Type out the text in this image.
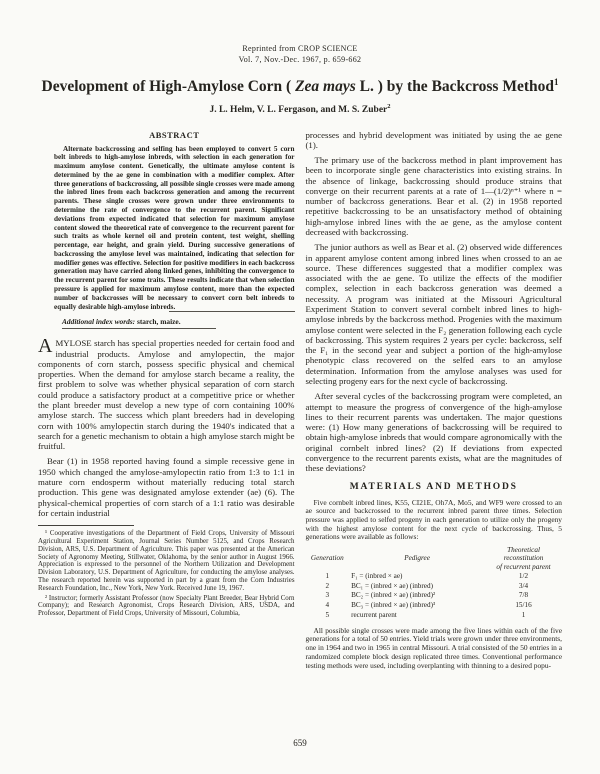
Reprinted from CROP SCIENCE
Vol. 7, Nov.-Dec. 1967, p. 659-662
Development of High-Amylose Corn ( Zea mays L. ) by the Backcross Method$^1$
J. L. Helm, V. L. Fergason, and M. S. Zuber$^2$
ABSTRACT

Alternate backcrossing and selfing has been employed to convert 5 corn belt inbreds to high-amylose inbreds, with selection in each generation for maximum amylose content. Genetically, the ultimate amylose content is determined by the ae gene in combination with a modifier complex. After three generations of backcrossing, all possible single crosses were made among the inbred lines from each backcross generation and among the recurrent parents. These single crosses were grown under three environments to determine the rate of convergence to the recurrent parent. Significant deviations from expected indicated that selection for maximum amylose content slowed the theoretical rate of convergence to the recurrent parent for such traits as whole kernel oil and protein content, test weight, shelling percentage, ear height, and grain yield. During successive generations of backcrossing the amylose level was maintained, indicating that selection for modifier genes was effective. Selection for positive modifiers in each backcross generation may have carried along linked genes, inhibiting the convergence to the recurrent parent for some traits. These results indicate that when selection pressure is applied for maximum amylose content, more than the expected number of backcrosses will be necessary to convert corn belt inbreds to equally desirable high-amylose inbreds.

Additional index words: starch, maize.

AMYLOSE starch has special properties needed for certain food and industrial products. Amylose and amylopectin, the major components of corn starch, possess specific physical and chemical properties. When the demand for amylose starch became a reality, the first problem to solve was whether physical separation of corn starch could produce a satisfactory product at a competitive price or whether the plant breeder must develop a new type of corn containing 100% amylose starch. The success which plant breeders had in developing corn with 100% amylopectin starch during the 1940's indicated that a search for a genetic mechanism to obtain a high amylose starch might be fruitful.

Bear (1) in 1958 reported having found a simple recessive gene in 1950 which changed the amylose-amylopectin ratio from 1:3 to 1:1 in mature corn endosperm without materially reducing total starch production. This gene was designated amylose extender (ae) (6). The physical-chemical properties of corn starch of a 1:1 ratio was desirable for certain industrial

¹ Cooperative investigations of the Department of Field Crops, University of Missouri Agricultural Experiment Station, Journal Series Number 5125, and Crops Research Division, ARS, U.S. Department of Agriculture. This paper was presented at the American Society of Agronomy Meeting, Stillwater, Oklahoma, by the senior author in August 1966. Appreciation is expressed to the personnel of the Northern Utilization and Development Division Laboratory, U.S. Department of Agriculture, for conducting the amylose analyses. The research reported herein was supported in part by a grant from the Corn Industries Research Foundation, Inc., New York, New York. Received June 19, 1967.

² Instructor; formerly Assistant Professor (now Specialty Plant Breeder, Bear Hybrid Corn Company); and Research Agronomist, Crops Research Division, ARS, USDA, and Professor, Department of Field Crops, University of Missouri, Columbia,

processes and hybrid development was initiated by using the ae gene (1).

The primary use of the backcross method in plant improvement has been to incorporate single gene characteristics into existing strains. In the absence of linkage, backcrossing should produce strains that converge on their recurrent parents at a rate of 1—(1/2)ⁿ⁺¹ where n = number of backcross generations. Bear et al. (2) in 1958 reported repetitive backcrossing to be an unsatisfactory method of obtaining high-amylose inbred lines with the ae gene, as the amylose content decreased with backcrossing.

The junior authors as well as Bear et al. (2) observed wide differences in apparent amylose content among inbred lines when crossed to an ae source. These differences suggested that a modifier complex was associated with the ae gene. To utilize the effects of the modifier complex, selection in each backcross generation was deemed a necessity. A program was initiated at the Missouri Agricultural Experiment Station to convert several cornbelt inbred lines to high-amylose inbreds by the backcross method. Progenies with the maximum amylose content were selected in the F₂ generation following each cycle of backcrossing. This system requires 2 years per cycle: backcross, self the F₁ in the second year and subject a portion of the high-amylose phenotypic class recovered on the selfed ears to an amylose determination. Information from the amylose analyses was used for selecting progeny ears for the next cycle of backcrossing.

After several cycles of the backcrossing program were completed, an attempt to measure the progress of convergence of the high-amylose lines to their recurrent parents was undertaken. The major questions were: (1) How many generations of backcrossing will be required to obtain high-amylose inbreds that would compare agronomically with the original cornbelt inbred lines? (2) If deviations from expected convergence to the recurrent parents exists, what are the magnitudes of these deviations?

MATERIALS AND METHODS

Five cornbelt inbred lines, K55, CI21E, Oh7A, Mo5, and WF9 were crossed to an ae source and backcrossed to the recurrent inbred parent three times. Selection pressure was applied to selfed progeny in each generation to utilize only the progeny with the highest amylose content for the next cycle of backcrossing. Thus, 5 generations were available as follows:

Generation	Pedigree	Theoretical reconstitution
of recurrent parent
1	F₁ = (inbred × ae)	1/2
2	BC₁ = (inbred × ae) (inbred)	3/4
3	BC₂ = (inbred × ae) (inbred)²	7/8
4	BC₃ = (inbred × ae) (inbred)³	15/16
5	recurrent parent	1

All possible single crosses were made among the five lines within each of the five generations for a total of 50 entries. Yield trials were grown under three environments, one in 1964 and two in 1965 in central Missouri. A trial consisted of the 50 entries in a randomized complete block design replicated three times. Conventional performance testing methods were used, including overplanting with thinning to a desired popu-

659
